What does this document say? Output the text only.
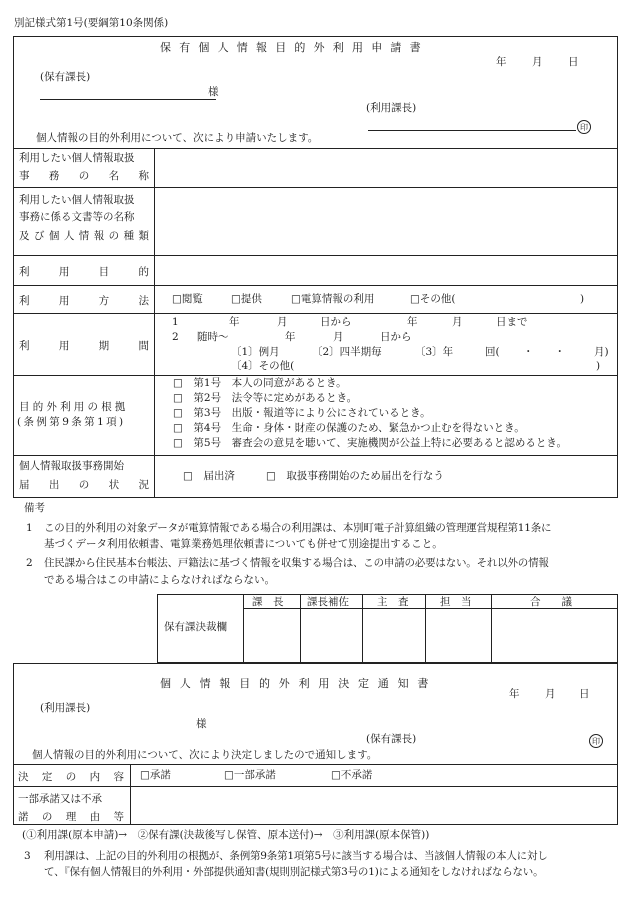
別記様式第1号(要綱第10条関係)
保有個人情報目的外利用申請書
年 月 日
(保有課長)
様
(利用課長)
印
個人情報の目的外利用について、次により申請いたします。
利用したい個人情報取扱
事 務 の 名 称
利用したい個人情報取扱
事務に係る文書等の名称
及 び 個 人 情 報 の 種 類
利	用	目	的
利	用	方	法 □閲覧	□提供	□電算情報の利用	□その他(	)
利	用	期	間
1	年	月	日から	年	月	日まで
2 随時〜	年	月	日から
〔1〕例月	〔2〕四半期毎	〔3〕年	回( ・　　・	月)
〔4〕その他(	)
目的外利用の根拠
(条例第9条第1項)
□　第1号　本人の同意があるとき。
□　第2号　法令等に定めがあるとき。
□　第3号　出版・報道等により公にされているとき。
□　第4号　生命・身体・財産の保護のため、緊急かつ止むを得ないとき。
□　第5号　審査会の意見を聴いて、実施機関が公益上特に必要あると認めるとき。
個人情報取扱事務開始
届 出 の 状 況
□　届出済	□　取扱事務開始のため届出を行なう
備考
1 この目的外利用の対象データが電算情報である場合の利用課は、本別町電子計算組織の管理運営規程第11条に
基づくデータ利用依頼書、電算業務処理依頼書についても併せて別途提出すること。
2 住民課から住民基本台帳法、戸籍法に基づく情報を収集する場合は、この申請の必要はない。それ以外の情報
である場合はこの申請によらなければならない。
保有課決裁欄
課　長 課長補佐	主　査	担　当	合　　議
個人情報目的外利用決定通知書
年 月 日
(利用課長)
様
(保有課長)	印
個人情報の目的外利用について、次により決定しましたので通知します。
決 定 の 内 容 □承諾	□一部承諾	□不承諾
一部承諾又は不承
諾 の 理 由 等
(①利用課(原本申請)→　②保有課(決裁後写し保管、原本送付)→　③利用課(原本保管))
3 利用課は、上記の目的外利用の根拠が、条例第9条第1項第5号に該当する場合は、当該個人情報の本人に対し
て、『保有個人情報目的外利用・外部提供通知書(規則別記様式第3号の1)による通知をしなければならない。
